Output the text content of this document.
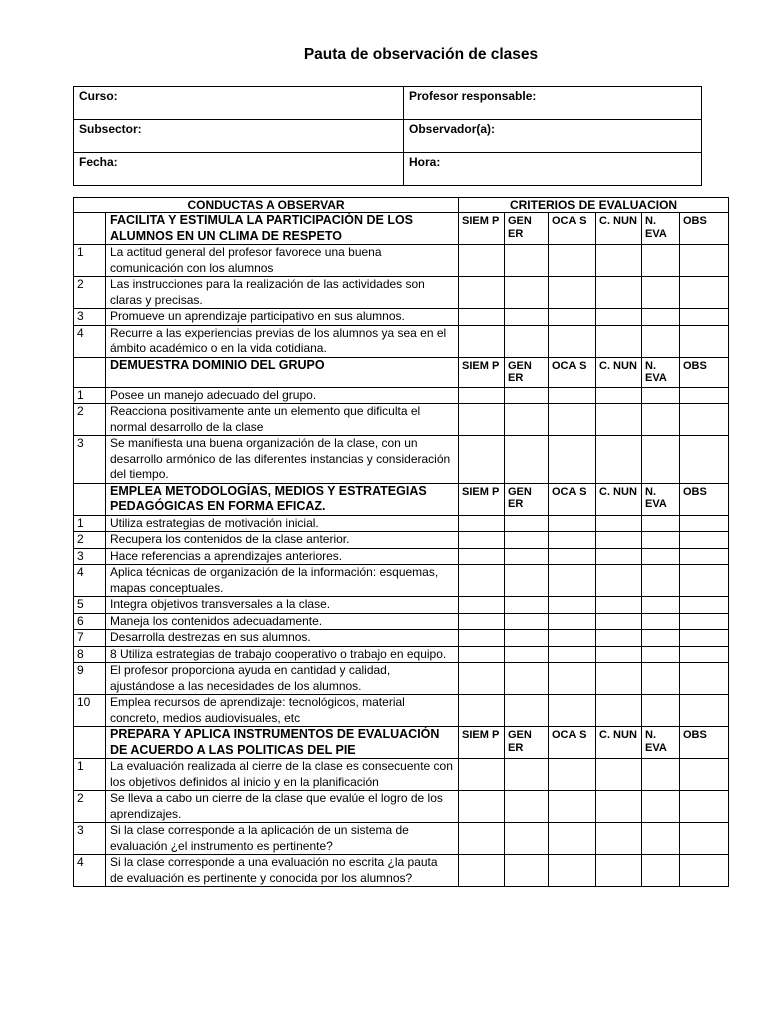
Pauta de observación de clases
Curso:	Profesor responsable:
Subsector:	Observador(a):
Fecha:	Hora:
CONDUCTAS A OBSERVAR		CRITERIOS DE EVALUACION					
	FACILITA Y ESTIMULA LA PARTICIPACIÓN DE LOS ALUMNOS EN UN CLIMA DE RESPETO	SIEM P	GEN ER	OCA S	C. NUN	N. EVA	OBS
1	La actitud general del profesor favorece una buena comunicación con los alumnos						
2	Las instrucciones para la realización de las actividades son claras y precisas.						
3	Promueve un aprendizaje participativo en sus alumnos.						
4	Recurre a las experiencias previas de los alumnos ya sea en el ámbito académico o en la vida cotidiana.						
	DEMUESTRA DOMINIO DEL GRUPO	SIEM P	GEN ER	OCA S	C. NUN	N. EVA	OBS
1	Posee un manejo adecuado del grupo.						
2	Reacciona positivamente ante un elemento que dificulta el normal desarrollo de la clase						
3	Se manifiesta una buena organización de la clase, con un desarrollo armónico de las diferentes instancias y consideración del tiempo.						
	EMPLEA METODOLOGÍAS, MEDIOS Y ESTRATEGIAS PEDAGÓGICAS EN FORMA EFICAZ.	SIEM P	GEN ER	OCA S	C. NUN	N. EVA	OBS
1	Utiliza estrategias de motivación inicial.						
2	Recupera los contenidos de la clase anterior.						
3	Hace referencias a aprendizajes anteriores.						
4	Aplica técnicas de organización de la información: esquemas, mapas conceptuales.						
5	Integra objetivos transversales a la clase.						
6	Maneja los contenidos adecuadamente.						
7	Desarrolla destrezas en sus alumnos.						
8	8 Utiliza estrategias de trabajo cooperativo o trabajo en equipo.						
9	El profesor proporciona ayuda en cantidad y calidad, ajustándose a las necesidades de los alumnos.						
10	Emplea recursos de aprendizaje: tecnológicos, material concreto, medios audiovisuales, etc						
	PREPARA Y APLICA INSTRUMENTOS DE EVALUACIÓN DE ACUERDO A LAS POLITICAS DEL PIE	SIEM P	GEN ER	OCA S	C. NUN	N. EVA	OBS
1	La evaluación realizada al cierre de la clase es consecuente con los objetivos definidos al inicio y en la planificación						
2	Se lleva a cabo un cierre de la clase que evalúe el logro de los aprendizajes.						
3	Si la clase corresponde a la aplicación de un sistema de evaluación ¿el instrumento es pertinente?						
4	Si la clase corresponde a una evaluación no escrita ¿la pauta de evaluación es pertinente y conocida por los alumnos?						
